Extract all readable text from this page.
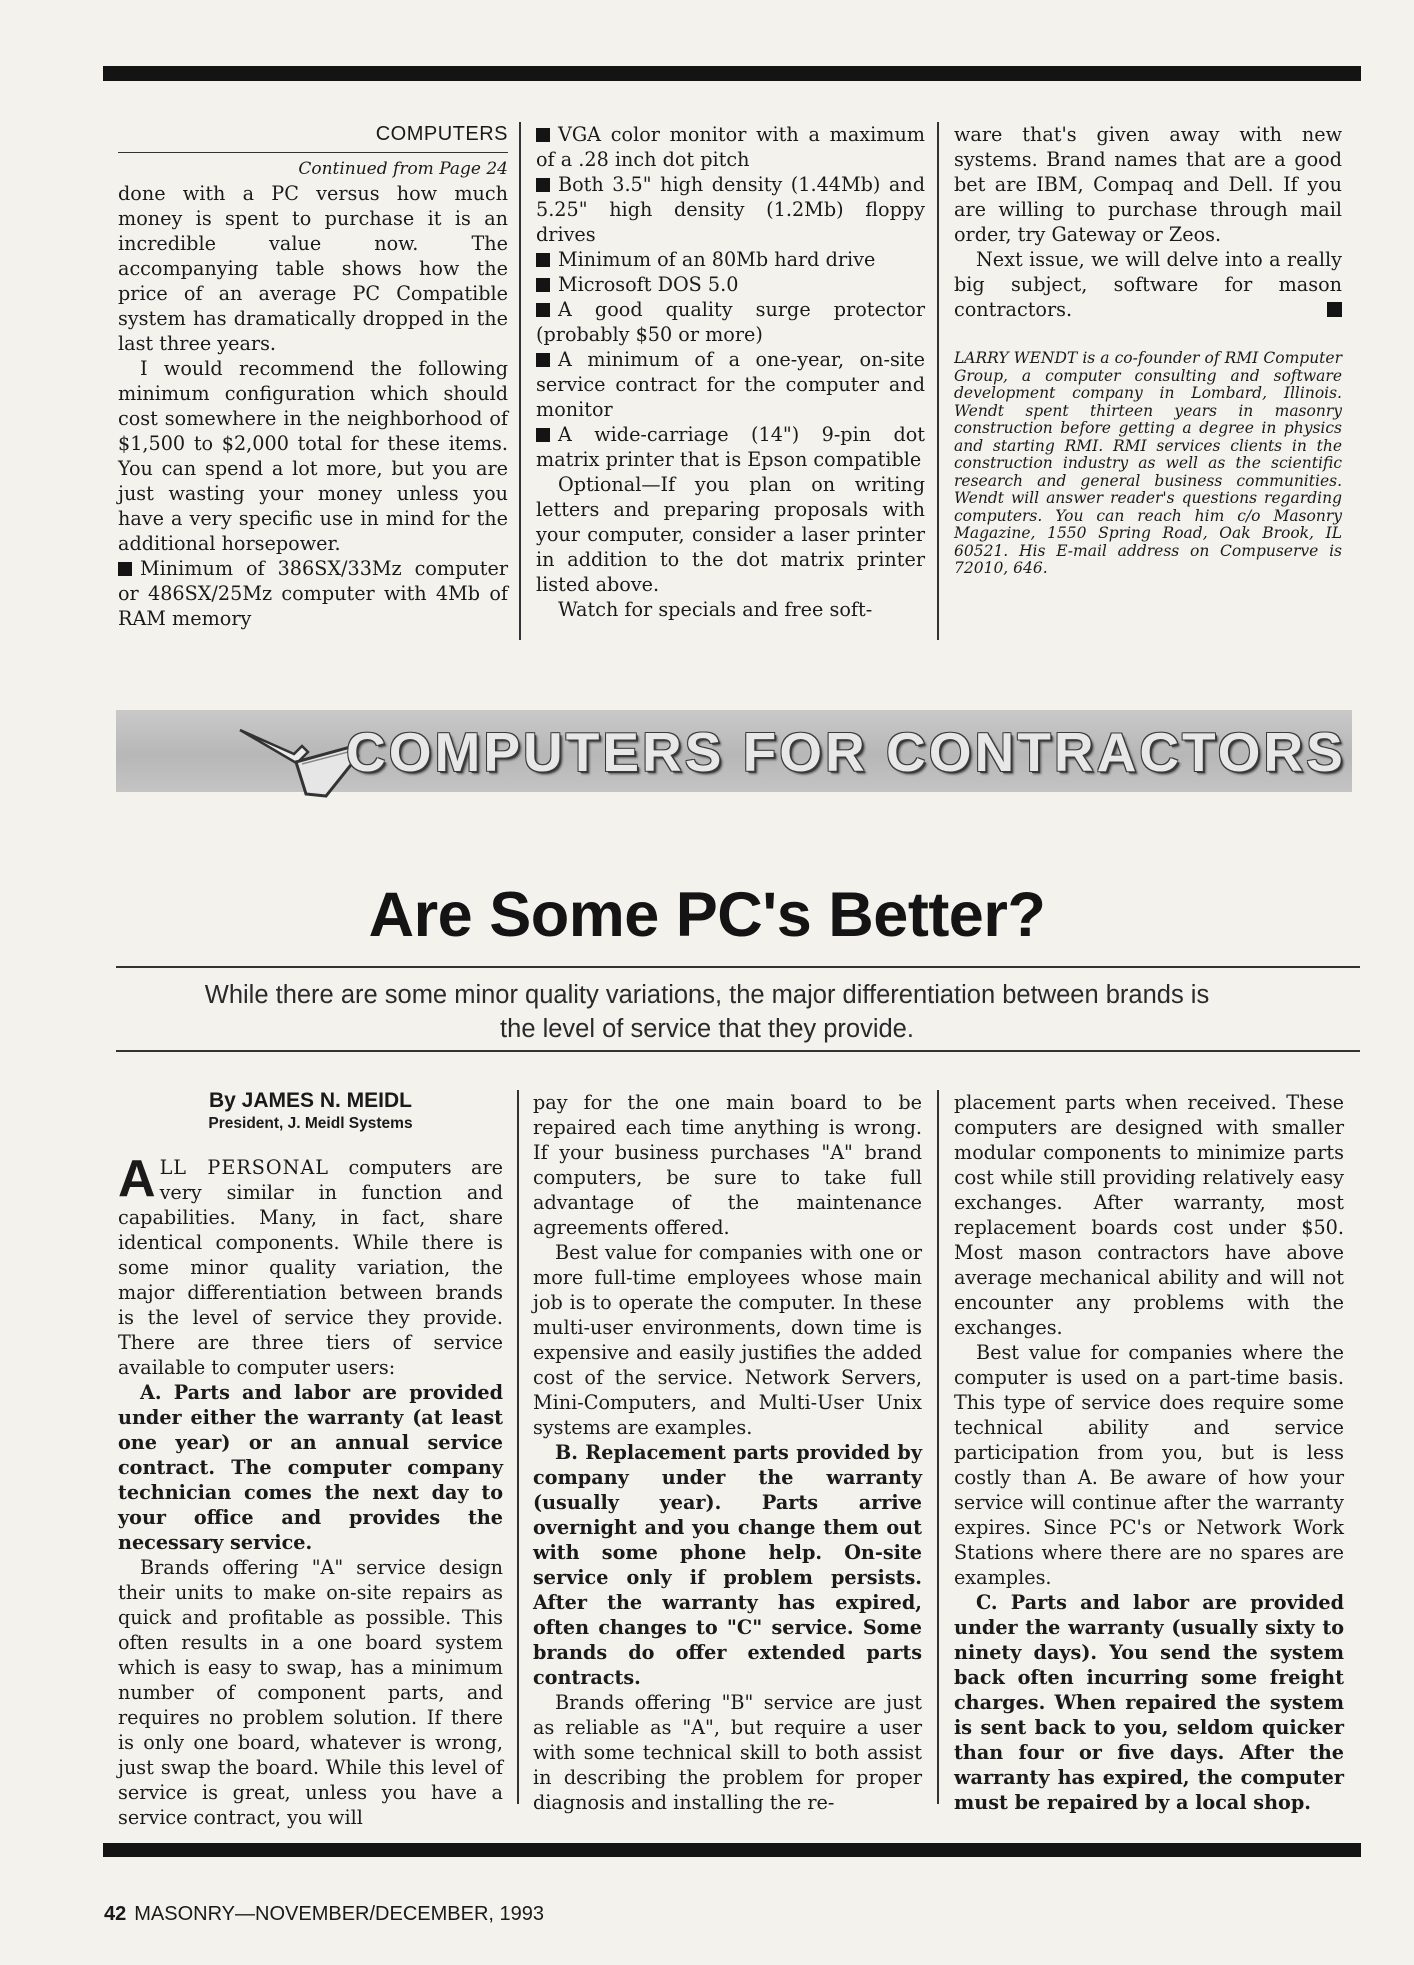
COMPUTERS

Continued from Page 24

done with a PC versus how much money is spent to purchase it is an incredible value now. The accompanying table shows how the price of an average PC Compatible system has dramatically dropped in the last three years.

I would recommend the following minimum configuration which should cost somewhere in the neighborhood of $1,500 to $2,000 total for these items. You can spend a lot more, but you are just wasting your money unless you have a very specific use in mind for the additional horsepower.

Minimum of 386SX/33Mz computer or 486SX/25Mz computer with 4Mb of RAM memory

VGA color monitor with a maximum of a .28 inch dot pitch

Both 3.5" high density (1.44Mb) and 5.25" high density (1.2Mb) floppy drives

Minimum of an 80Mb hard drive

Microsoft DOS 5.0

A good quality surge protector (probably $50 or more)

A minimum of a one-year, on-site service contract for the computer and monitor

A wide-carriage (14") 9-pin dot matrix printer that is Epson compatible

Optional—If you plan on writing letters and preparing proposals with your computer, consider a laser printer in addition to the dot matrix printer listed above.

Watch for specials and free soft-

ware that's given away with new systems. Brand names that are a good bet are IBM, Compaq and Dell. If you are willing to purchase through mail order, try Gateway or Zeos.

Next issue, we will delve into a really big subject, software for mason contractors.

LARRY WENDT is a co-founder of RMI Computer Group, a computer consulting and software development company in Lombard, Illinois. Wendt spent thirteen years in masonry construction before getting a degree in physics and starting RMI. RMI services clients in the construction industry as well as the scientific research and general business communities. Wendt will answer reader's questions regarding computers. You can reach him c/o Masonry Magazine, 1550 Spring Road, Oak Brook, IL 60521. His E-mail address on Compuserve is 72010, 646.
COMPUTERS FOR CONTRACTORS
Are Some PC's Better?
While there are some minor quality variations, the major differentiation between brands is the level of service that they provide.
By JAMES N. MEIDL
President, J. Meidl Systems

ALL PERSONAL computers are very similar in function and capabilities. Many, in fact, share identical components. While there is some minor quality variation, the major differentiation between brands is the level of service they provide. There are three tiers of service available to computer users:

A. Parts and labor are provided under either the warranty (at least one year) or an annual service contract. The computer company technician comes the next day to your office and provides the necessary service.

Brands offering "A" service design their units to make on-site repairs as quick and profitable as possible. This often results in a one board system which is easy to swap, has a minimum number of component parts, and requires no problem solution. If there is only one board, whatever is wrong, just swap the board. While this level of service is great, unless you have a service contract, you will

pay for the one main board to be repaired each time anything is wrong. If your business purchases "A" brand computers, be sure to take full advantage of the maintenance agreements offered.

Best value for companies with one or more full-time employees whose main job is to operate the computer. In these multi-user environments, down time is expensive and easily justifies the added cost of the service. Network Servers, Mini-Computers, and Multi-User Unix systems are examples.

B. Replacement parts provided by company under the warranty (usually year). Parts arrive overnight and you change them out with some phone help. On-site service only if problem persists. After the warranty has expired, often changes to "C" service. Some brands do offer extended parts contracts.

Brands offering "B" service are just as reliable as "A", but require a user with some technical skill to both assist in describing the problem for proper diagnosis and installing the re-

placement parts when received. These computers are designed with smaller modular components to minimize parts cost while still providing relatively easy exchanges. After warranty, most replacement boards cost under $50. Most mason contractors have above average mechanical ability and will not encounter any problems with the exchanges.

Best value for companies where the computer is used on a part-time basis. This type of service does require some technical ability and service participation from you, but is less costly than A. Be aware of how your service will continue after the warranty expires. Since PC's or Network Work Stations where there are no spares are examples.

C. Parts and labor are provided under the warranty (usually sixty to ninety days). You send the system back often incurring some freight charges. When repaired the system is sent back to you, seldom quicker than four or five days. After the warranty has expired, the computer must be repaired by a local shop.

42 MASONRY—NOVEMBER/DECEMBER, 1993
